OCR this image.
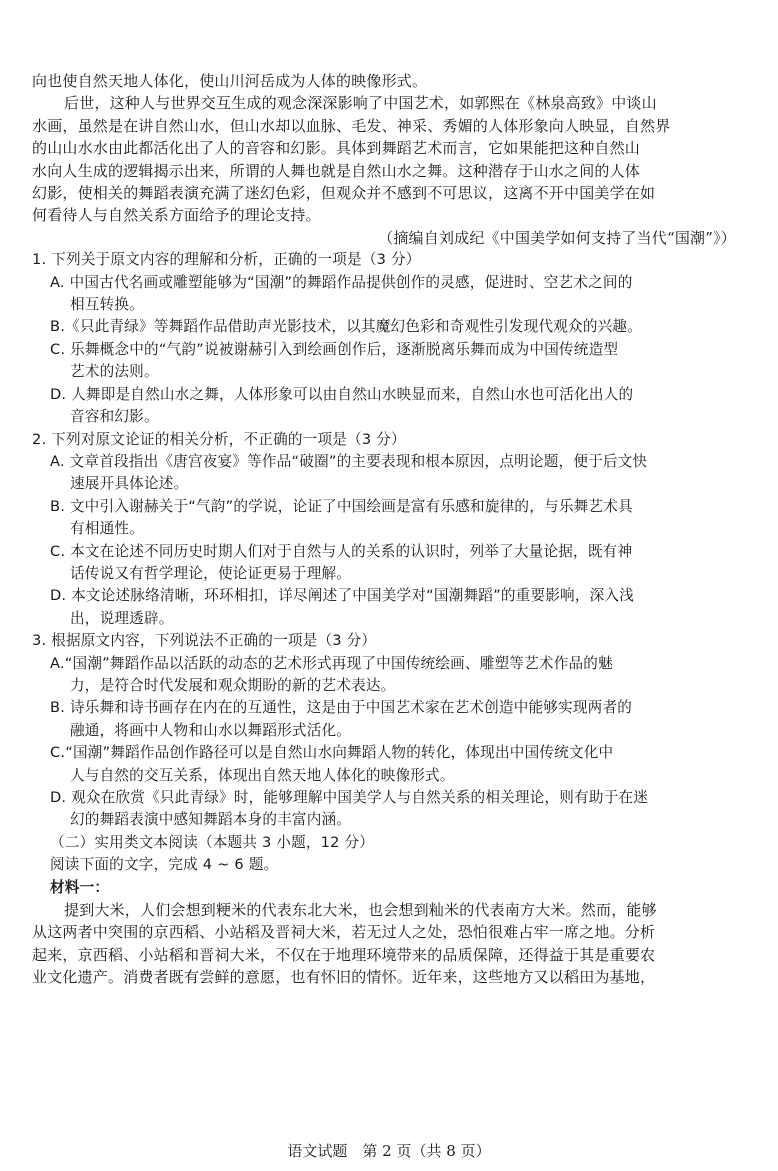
向也使自然天地人体化，使山川河岳成为人体的映像形式。

后世，这种人与世界交互生成的观念深深影响了中国艺术，如郭熙在《林泉高致》中谈山

水画，虽然是在讲自然山水，但山水却以血脉、毛发、神采、秀媚的人体形象向人映显，自然界

的山山水水由此都活化出了人的音容和幻影。具体到舞蹈艺术而言，它如果能把这种自然山

水向人生成的逻辑揭示出来，所谓的人舞也就是自然山水之舞。这种潜存于山水之间的人体

幻影，使相关的舞蹈表演充满了迷幻色彩，但观众并不感到不可思议，这离不开中国美学在如

何看待人与自然关系方面给予的理论支持。

（摘编自刘成纪《中国美学如何支持了当代“国潮”》）

1. 下列关于原文内容的理解和分析，正确的一项是（3 分）

A. 中国古代名画或雕塑能够为“国潮”的舞蹈作品提供创作的灵感，促进时、空艺术之间的

相互转换。

B.《只此青绿》等舞蹈作品借助声光影技术，以其魔幻色彩和奇观性引发现代观众的兴趣。

C. 乐舞概念中的“气韵”说被谢赫引入到绘画创作后，逐渐脱离乐舞而成为中国传统造型

艺术的法则。

D. 人舞即是自然山水之舞，人体形象可以由自然山水映显而来，自然山水也可活化出人的

音容和幻影。

2. 下列对原文论证的相关分析，不正确的一项是（3 分）

A. 文章首段指出《唐宫夜宴》等作品“破圈”的主要表现和根本原因，点明论题，便于后文快

速展开具体论述。

B. 文中引入谢赫关于“气韵”的学说，论证了中国绘画是富有乐感和旋律的，与乐舞艺术具

有相通性。

C. 本文在论述不同历史时期人们对于自然与人的关系的认识时，列举了大量论据，既有神

话传说又有哲学理论，使论证更易于理解。

D. 本文论述脉络清晰，环环相扣，详尽阐述了中国美学对“国潮舞蹈”的重要影响，深入浅

出，说理透辟。

3. 根据原文内容，下列说法不正确的一项是（3 分）

A.“国潮”舞蹈作品以活跃的动态的艺术形式再现了中国传统绘画、雕塑等艺术作品的魅

力，是符合时代发展和观众期盼的新的艺术表达。

B. 诗乐舞和诗书画存在内在的互通性，这是由于中国艺术家在艺术创造中能够实现两者的

融通，将画中人物和山水以舞蹈形式活化。

C.“国潮”舞蹈作品创作路径可以是自然山水向舞蹈人物的转化，体现出中国传统文化中

人与自然的交互关系，体现出自然天地人体化的映像形式。

D. 观众在欣赏《只此青绿》时，能够理解中国美学人与自然关系的相关理论，则有助于在迷

幻的舞蹈表演中感知舞蹈本身的丰富内涵。

（二）实用类文本阅读（本题共 3 小题，12 分）

阅读下面的文字，完成 4 ~ 6 题。

材料一：

提到大米，人们会想到粳米的代表东北大米，也会想到籼米的代表南方大米。然而，能够

从这两者中突围的京西稻、小站稻及晋祠大米，若无过人之处，恐怕很难占牢一席之地。分析

起来，京西稻、小站稻和晋祠大米，不仅在于地理环境带来的品质保障，还得益于其是重要农

业文化遗产。消费者既有尝鲜的意愿，也有怀旧的情怀。近年来，这些地方又以稻田为基地，

语文试题　第 2 页（共 8 页）
